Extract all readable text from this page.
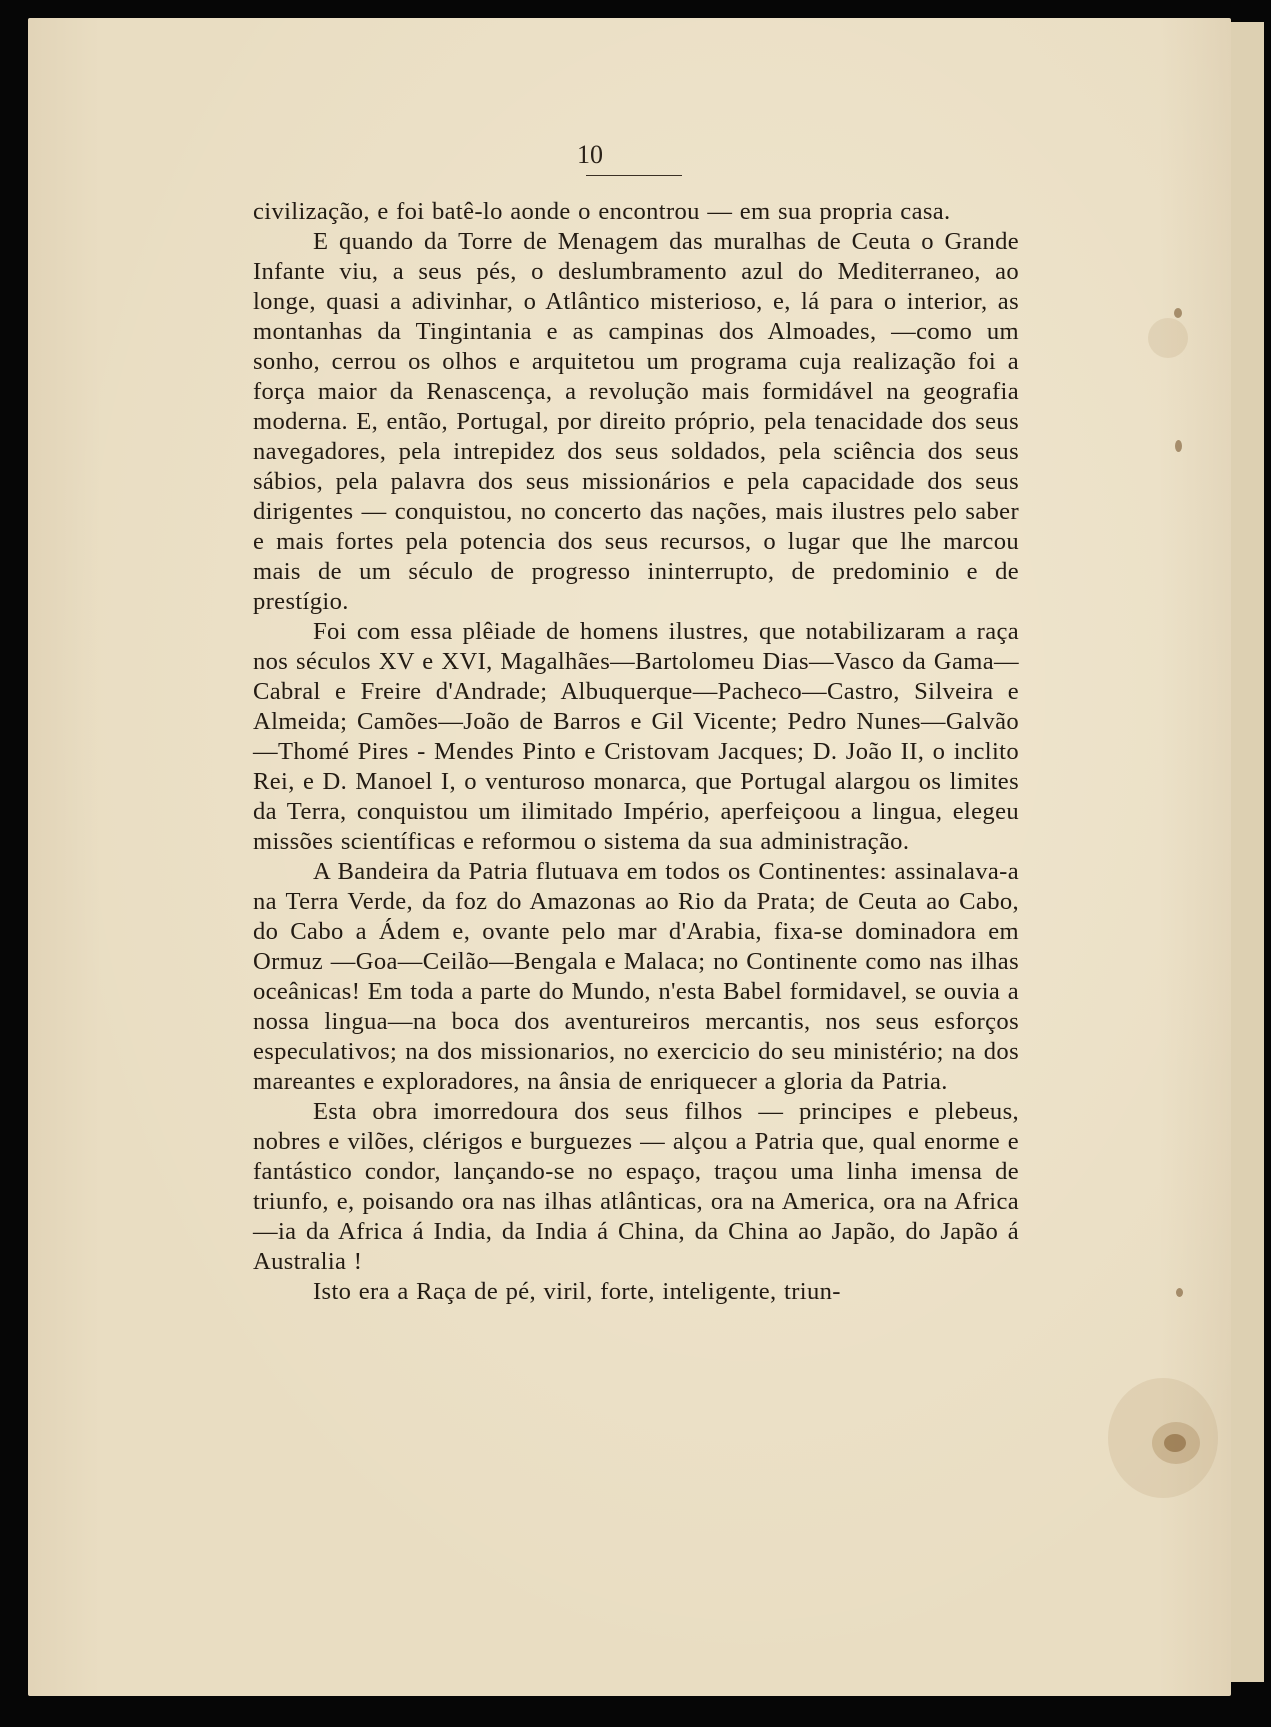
10

civilização, e foi batê-lo aonde o encontrou — em sua propria casa.

E quando da Torre de Menagem das muralhas de Ceuta o Grande Infante viu, a seus pés, o deslumbramento azul do Mediterraneo, ao longe, quasi a adivinhar, o Atlântico misterioso, e, lá para o interior, as montanhas da Tingintania e as campinas dos Almoades, —como um sonho, cerrou os olhos e arquitetou um programa cuja realização foi a força maior da Renascença, a revolução mais formidável na geografia moderna. E, então, Portugal, por direito próprio, pela tenacidade dos seus navegadores, pela intrepidez dos seus soldados, pela sciência dos seus sábios, pela palavra dos seus missionários e pela capacidade dos seus dirigentes — conquistou, no concerto das nações, mais ilustres pelo saber e mais fortes pela potencia dos seus recursos, o lugar que lhe marcou mais de um século de progresso ininterrupto, de predominio e de prestígio.

Foi com essa plêiade de homens ilustres, que notabilizaram a raça nos séculos XV e XVI, Magalhães—Bartolomeu Dias—Vasco da Gama—Cabral e Freire d'Andrade; Albuquerque—Pacheco—Castro, Silveira e Almeida; Camões—João de Barros e Gil Vicente; Pedro Nunes—Galvão —Thomé Pires - Mendes Pinto e Cristovam Jacques; D. João II, o inclito Rei, e D. Manoel I, o venturoso monarca, que Portugal alargou os limites da Terra, conquistou um ilimitado Império, aperfeiçoou a lingua, elegeu missões scientíficas e reformou o sistema da sua administração.

A Bandeira da Patria flutuava em todos os Continentes: assinalava-a na Terra Verde, da foz do Amazonas ao Rio da Prata; de Ceuta ao Cabo, do Cabo a Ádem e, ovante pelo mar d'Arabia, fixa-se dominadora em Ormuz —Goa—Ceilão—Bengala e Malaca; no Continente como nas ilhas oceânicas! Em toda a parte do Mundo, n'esta Babel formidavel, se ouvia a nossa lingua—na boca dos aventureiros mercantis, nos seus esforços especulativos; na dos missionarios, no exercicio do seu ministério; na dos mareantes e exploradores, na ânsia de enriquecer a gloria da Patria.

Esta obra imorredoura dos seus filhos — principes e plebeus, nobres e vilões, clérigos e burguezes — alçou a Patria que, qual enorme e fantástico condor, lançando-se no espaço, traçou uma linha imensa de triunfo, e, poisando ora nas ilhas atlânticas, ora na America, ora na Africa—ia da Africa á India, da India á China, da China ao Japão, do Japão á Australia !

Isto era a Raça de pé, viril, forte, inteligente, triun-
